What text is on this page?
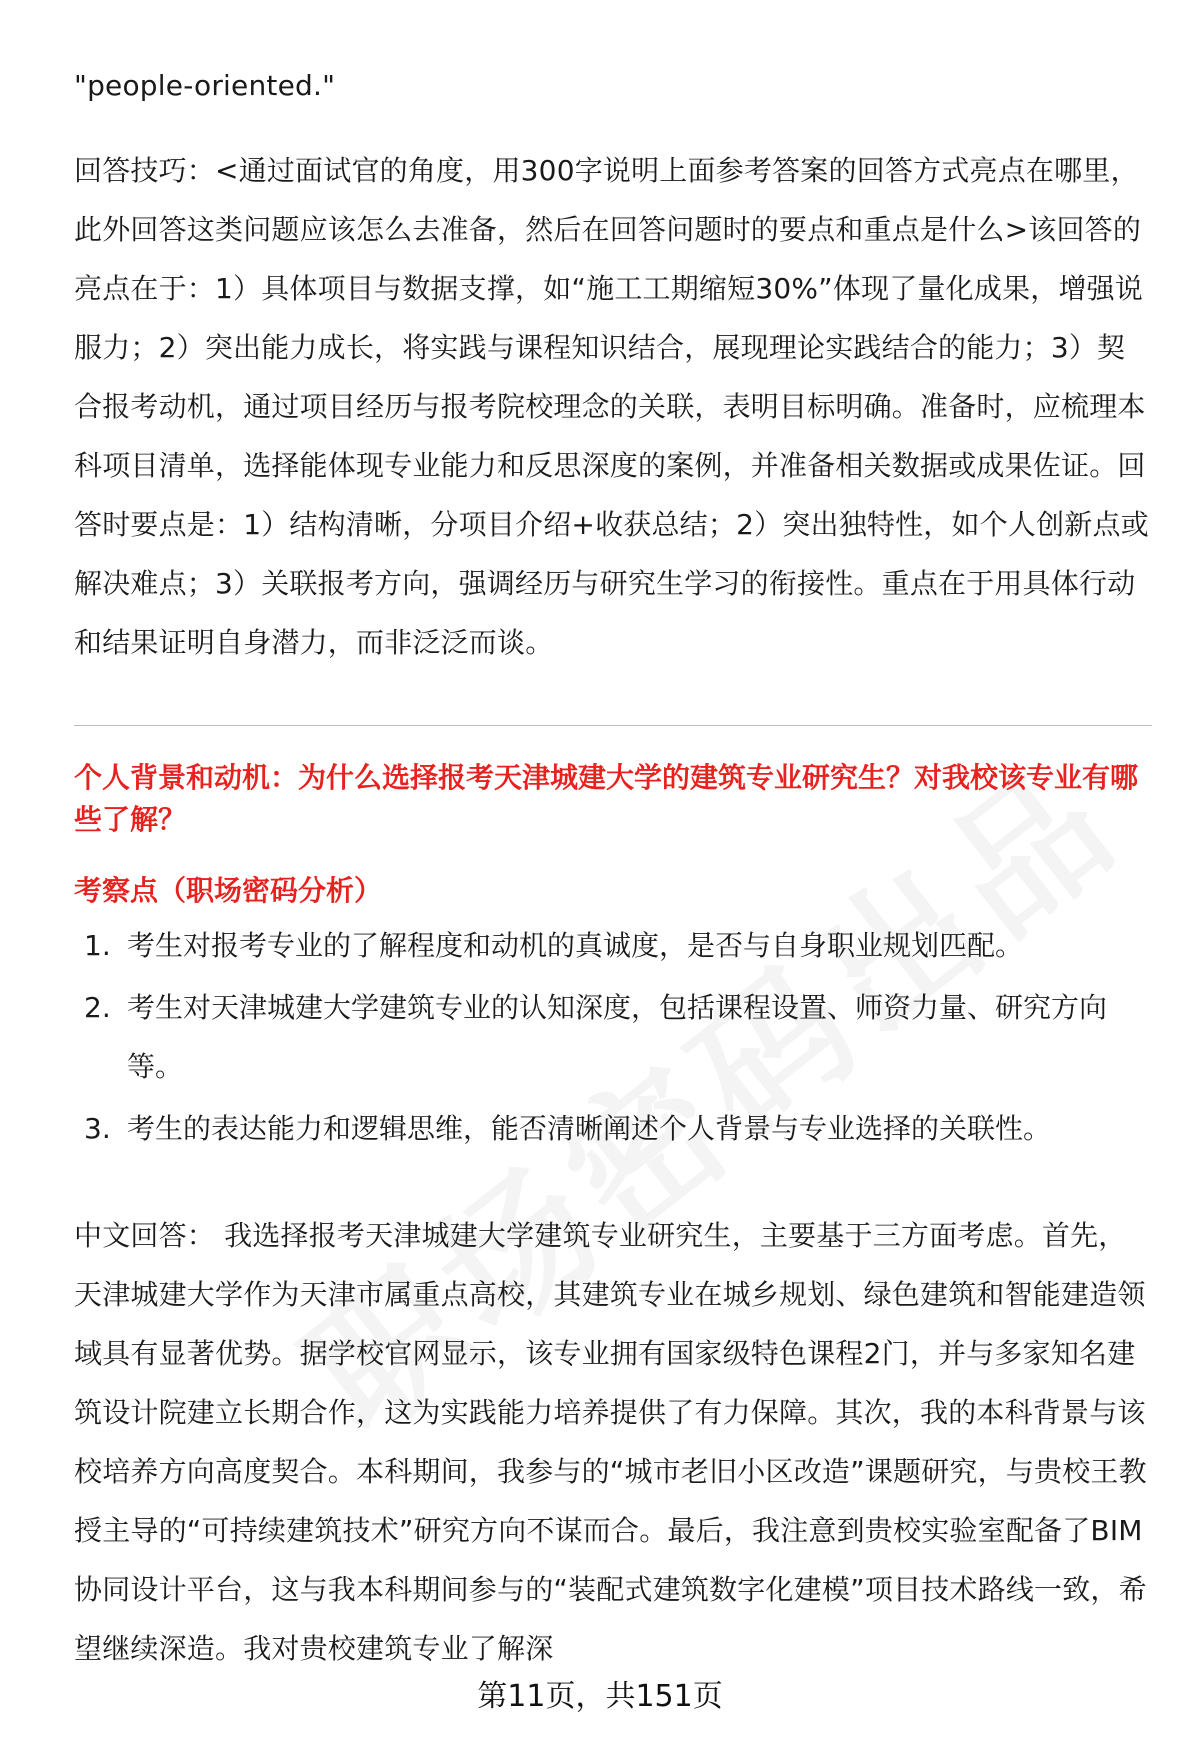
"people-oriented."

回答技巧：<通过面试官的角度，用300字说明上面参考答案的回答方式亮点在哪里，此外回答这类问题应该怎么去准备，然后在回答问题时的要点和重点是什么>该回答的亮点在于：1）具体项目与数据支撑，如“施工工期缩短30%”体现了量化成果，增强说服力；2）突出能力成长，将实践与课程知识结合，展现理论实践结合的能力；3）契合报考动机，通过项目经历与报考院校理念的关联，表明目标明确。准备时，应梳理本科项目清单，选择能体现专业能力和反思深度的案例，并准备相关数据或成果佐证。回答时要点是：1）结构清晰，分项目介绍+收获总结；2）突出独特性，如个人创新点或解决难点；3）关联报考方向，强调经历与研究生学习的衔接性。重点在于用具体行动和结果证明自身潜力，而非泛泛而谈。

个人背景和动机：为什么选择报考天津城建大学的建筑专业研究生？对我校该专业有哪些了解？

考察点（职场密码分析）

1. 考生对报考专业的了解程度和动机的真诚度，是否与自身职业规划匹配。
2. 考生对天津城建大学建筑专业的认知深度，包括课程设置、师资力量、研究方向等。
3. 考生的表达能力和逻辑思维，能否清晰阐述个人背景与专业选择的关联性。

中文回答： 我选择报考天津城建大学建筑专业研究生，主要基于三方面考虑。首先，天津城建大学作为天津市属重点高校，其建筑专业在城乡规划、绿色建筑和智能建造领域具有显著优势。据学校官网显示，该专业拥有国家级特色课程2门，并与多家知名建筑设计院建立长期合作，这为实践能力培养提供了有力保障。其次，我的本科背景与该校培养方向高度契合。本科期间，我参与的“城市老旧小区改造”课题研究，与贵校王教授主导的“可持续建筑技术”研究方向不谋而合。最后，我注意到贵校实验室配备了BIM协同设计平台，这与我本科期间参与的“装配式建筑数字化建模”项目技术路线一致，希望继续深造。我对贵校建筑专业了解深

第11页，共151页
